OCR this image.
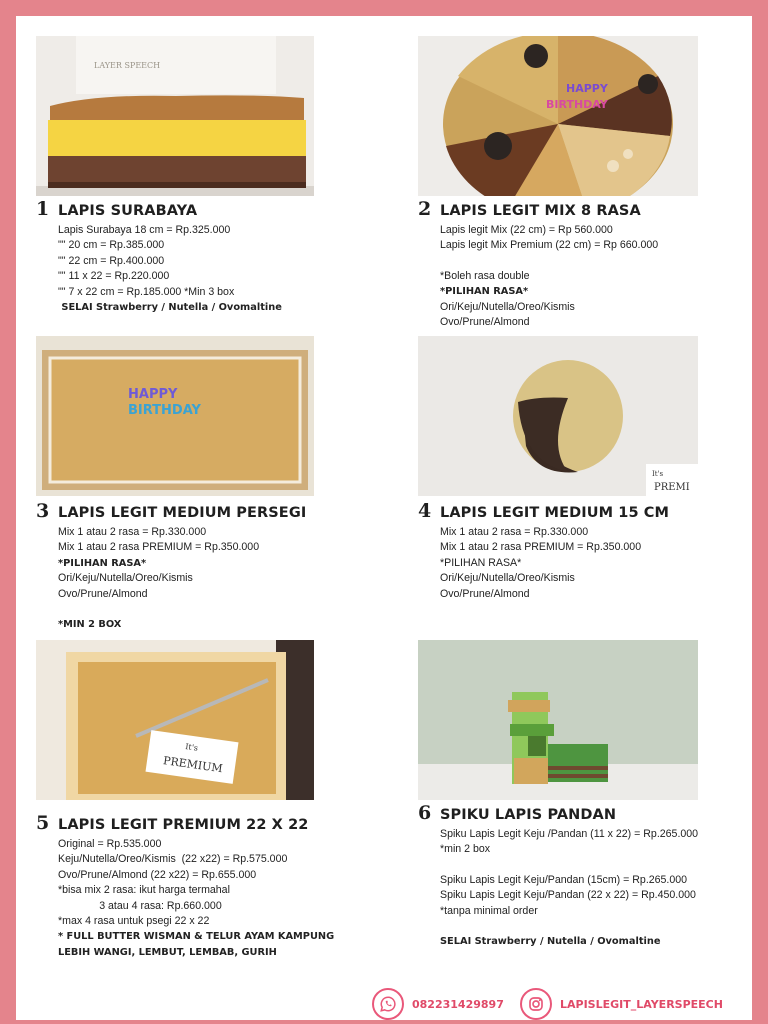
LAYER SPEECH
HAPPY
BIRTHDAY
HAPPY
BIRTHDAY
It's
PREMI
It's
PREMIUM
1 LAPIS SURABAYA
Lapis Surabaya 18 cm = Rp.325.000
"" 20 cm = Rp.385.000
"" 22 cm = Rp.400.000
"" 11 x 22 = Rp.220.000
"" 7 x 22 cm = Rp.185.000 *Min 3 box
SELAI Strawberry / Nutella / Ovomaltine
2 LAPIS LEGIT MIX 8 RASA
Lapis legit Mix (22 cm) = Rp 560.000
Lapis legit Mix Premium (22 cm) = Rp 660.000
*Boleh rasa double
*PILIHAN RASA*
Ori/Keju/Nutella/Oreo/Kismis
Ovo/Prune/Almond
3 LAPIS LEGIT MEDIUM PERSEGI
Mix 1 atau 2 rasa = Rp.330.000
Mix 1 atau 2 rasa PREMIUM = Rp.350.000
*PILIHAN RASA*
Ori/Keju/Nutella/Oreo/Kismis
Ovo/Prune/Almond
*MIN 2 BOX
4 LAPIS LEGIT MEDIUM 15 CM
Mix 1 atau 2 rasa = Rp.330.000
Mix 1 atau 2 rasa PREMIUM = Rp.350.000
*PILIHAN RASA*
Ori/Keju/Nutella/Oreo/Kismis
Ovo/Prune/Almond
5 LAPIS LEGIT PREMIUM 22 X 22
Original = Rp.535.000
Keju/Nutella/Oreo/Kismis  (22 x22) = Rp.575.000
Ovo/Prune/Almond (22 x22) = Rp.655.000
*bisa mix 2 rasa: ikut harga termahal
3 atau 4 rasa: Rp.660.000
*max 4 rasa untuk psegi 22 x 22
* FULL BUTTER WISMAN & TELUR AYAM KAMPUNG
LEBIH WANGI, LEMBUT, LEMBAB, GURIH
6 SPIKU LAPIS PANDAN
Spiku Lapis Legit Keju /Pandan (11 x 22) = Rp.265.000
*min 2 box
Spiku Lapis Legit Keju/Pandan (15cm) = Rp.265.000
Spiku Lapis Legit Keju/Pandan (22 x 22) = Rp.450.000
*tanpa minimal order
SELAI Strawberry / Nutella / Ovomaltine
082231429897	LAPISLEGIT_LAYERSPEECH
